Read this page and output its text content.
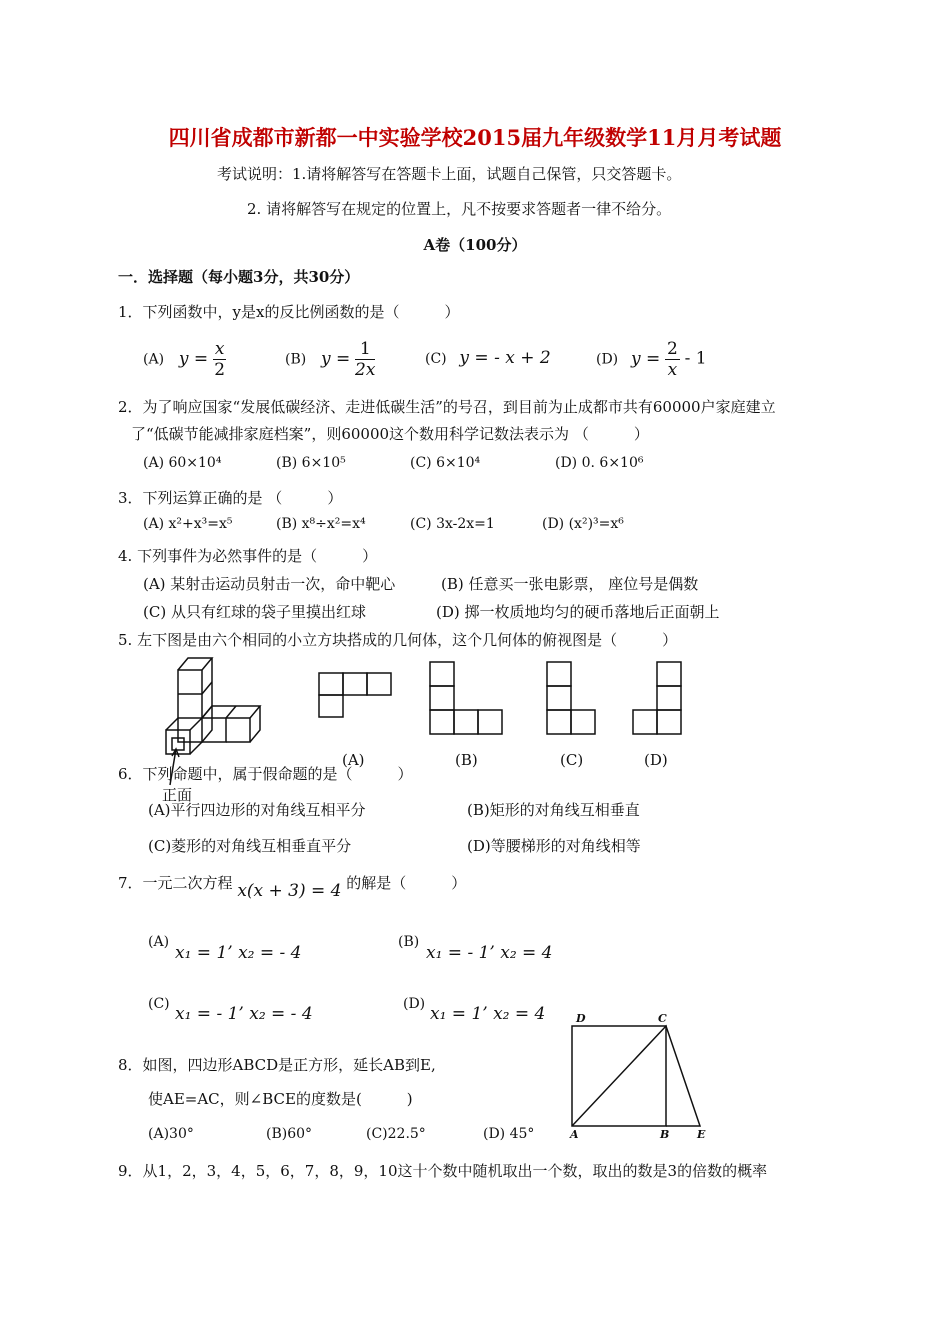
四川省成都市新都一中实验学校2015届九年级数学11月月考试题
考试说明：1.请将解答写在答题卡上面，试题自己保管，只交答题卡。
2. 请将解答写在规定的位置上，凡不按要求答题者一律不给分。
A卷（100分）
一．选择题（每小题3分，共30分）
1．下列函数中，y是x的反比例函数的是（　　　）
(A) $y = \frac{x}{2}$	(B) $y = \frac{1}{2x}$	(C) y = - x + 2	(D) $y = \frac{2}{x} - 1$
2．为了响应国家“发展低碳经济、走进低碳生活”的号召，到目前为止成都市共有60000户家庭建立
了“低碳节能减排家庭档案”，则60000这个数用科学记数法表示为 （　　　）
(A) 60×10⁴	(B) 6×10⁵	(C) 6×10⁴	(D) 0. 6×10⁶
3．下列运算正确的是 （　　　）
(A) x²+x³=x⁵	(B) x⁸÷x²=x⁴	(C) 3x-2x=1	(D) (x²)³=x⁶
4. 下列事件为必然事件的是（　　　）
(A) 某射击运动员射击一次，命中靶心	(B) 任意买一张电影票， 座位号是偶数
(C) 从只有红球的袋子里摸出红球	(D) 掷一枚质地均匀的硬币落地后正面朝上
5. 左下图是由六个相同的小立方块搭成的几何体，这个几何体的俯视图是（　　　）
正面
(A)	(B)	(C)	(D)
6．下列命题中，属于假命题的是（　　　）
(A)平行四边形的对角线互相平分	(B)矩形的对角线互相垂直
(C)菱形的对角线互相垂直平分	(D)等腰梯形的对角线相等
7．一元二次方程 x(x + 3) = 4 的解是（　　　）
(A)
x₁ = 1’ x₂ = - 4
(B)
x₁ = - 1’ x₂ = 4
(C) x₁ = - 1’ x₂ = - 4	(D) x₁ = 1’ x₂ = 4
8．如图，四边形ABCD是正方形，延长AB到E,
使AE=AC，则∠BCE的度数是(　　　)
(A)30°	(B)60°	(C)22.5°	(D) 45°
D	C
A	B	E
9．从1，2，3，4，5，6，7，8，9，10这十个数中随机取出一个数，取出的数是3的倍数的概率
